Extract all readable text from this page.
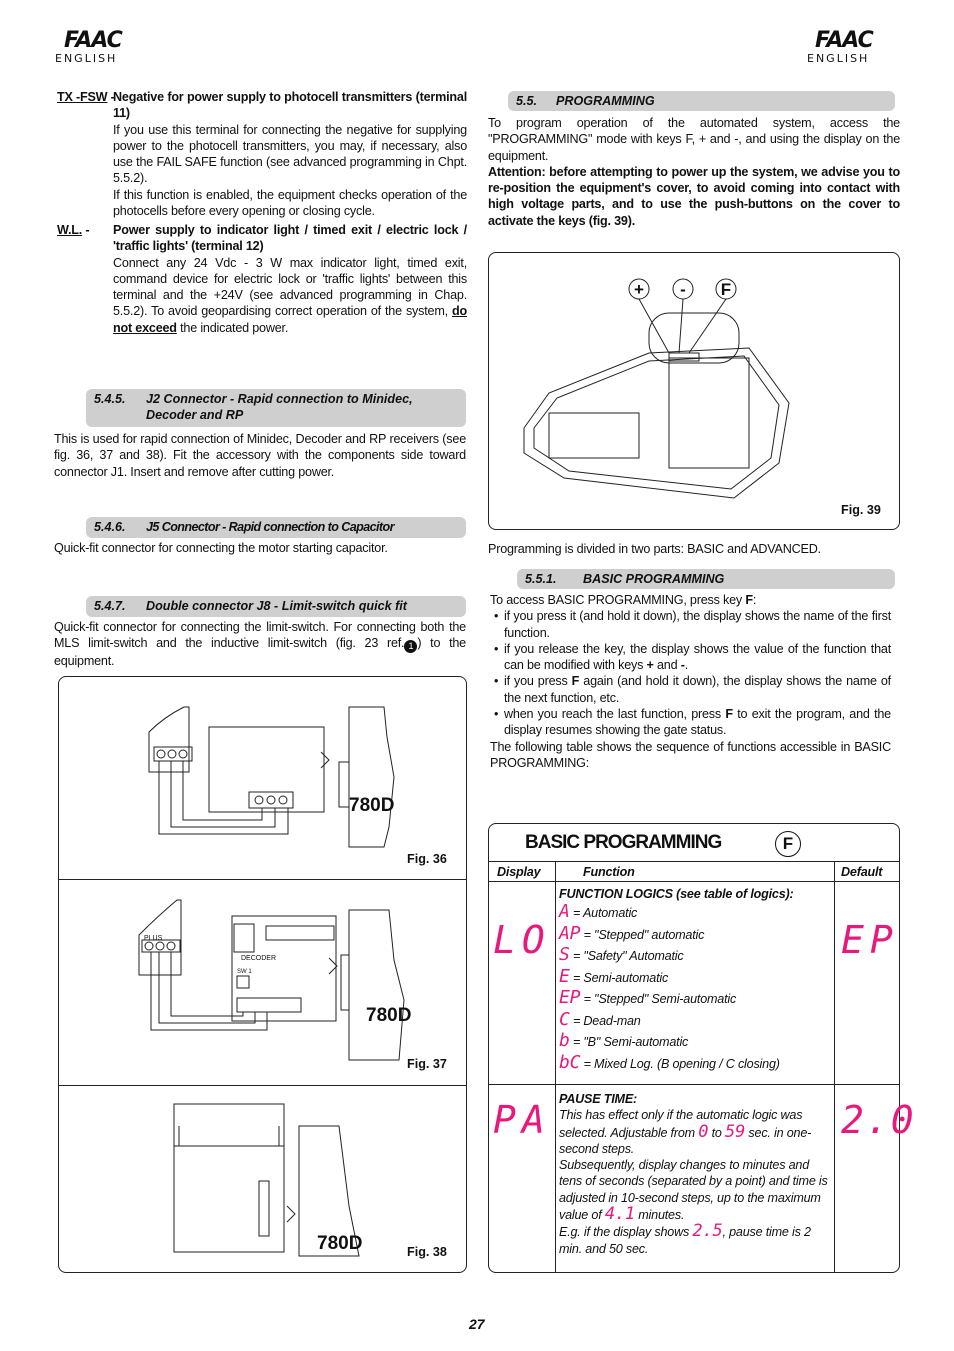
FAAC
ENGLISH
FAAC
ENGLISH
TX -FSW -
Negative for power supply to photocell transmitters (terminal 11)
If you use this terminal for connecting the negative for supplying power to the photocell transmitters, you may, if necessary, also use the FAIL SAFE function (see advanced programming in Chpt. 5.5.2).
If this function is enabled, the equipment checks operation of the photocells before every opening or closing cycle.
W.L. - Power supply to indicator light / timed exit / electric lock / 'traffic lights' (terminal 12)
Connect any 24 Vdc - 3 W max indicator light, timed exit, command device for electric lock or 'traffic lights' between this terminal and the +24V (see advanced programming in Chap. 5.5.2). To avoid geopardising correct operation of the system, do not exceed the indicated power.
5.4.5.	J2 Connector - Rapid connection to Minidec, Decoder and RP
This is used for rapid connection of Minidec, Decoder and RP receivers (see fig. 36, 37 and 38). Fit the accessory with the components side toward connector J1. Insert and remove after cutting power.
5.4.6.	J5 Connector - Rapid connection to Capacitor
Quick-fit connector for connecting the motor starting capacitor.
5.4.7.	Double connector J8 - Limit-switch quick fit
Quick-fit connector for connecting the limit-switch. For connecting both the MLS limit-switch and the inductive limit-switch (fig. 23 ref. 1 ) to the equipment.
780D
Fig. 36
PLUS
DECODER
SW 1
780D
Fig. 37
780D	Fig. 38
5.5.	PROGRAMMING
To program operation of the automated system, access the "PROGRAMMING" mode with keys F, + and -, and using the display on the equipment.
Attention: before attempting to power up the system, we advise you to re-position the equipment's cover, to avoid coming into contact with high voltage parts, and to use the push-buttons on the cover to activate the keys (fig. 39).
+ - F
Fig. 39
Programming is divided in two parts: BASIC and ADVANCED.
5.5.1.	BASIC PROGRAMMING
To access BASIC PROGRAMMING, press key F:
• if you press it (and hold it down), the display shows the name of the first function.
• if you release the key, the display shows the value of the function that can be modified with keys + and -.
• if you press F again (and hold it down), the display shows the name of the next function, etc.
• when you reach the last function, press F to exit the program, and the display resumes showing the gate status.
The following table shows the sequence of functions accessible in BASIC PROGRAMMING:
BASIC PROGRAMMING	F
Display	Function	Default
LO
FUNCTION LOGICS (see table of logics):
A = Automatic
AP = "Stepped" automatic
S = "Safety" Automatic
E = Semi-automatic
EP = "Stepped" Semi-automatic
C = Dead-man
b = "B" Semi-automatic
bC = Mixed Log. (B opening / C closing)
EP
PA PAUSE TIME:
This has effect only if the automatic logic was selected. Adjustable from 0 to 59 sec. in one-second steps.
Subsequently, display changes to minutes and tens of seconds (separated by a point) and time is adjusted in 10-second steps, up to the maximum value of 4.1 minutes.
E.g. if the display shows 2.5, pause time is 2 min. and 50 sec.
2.0
27
